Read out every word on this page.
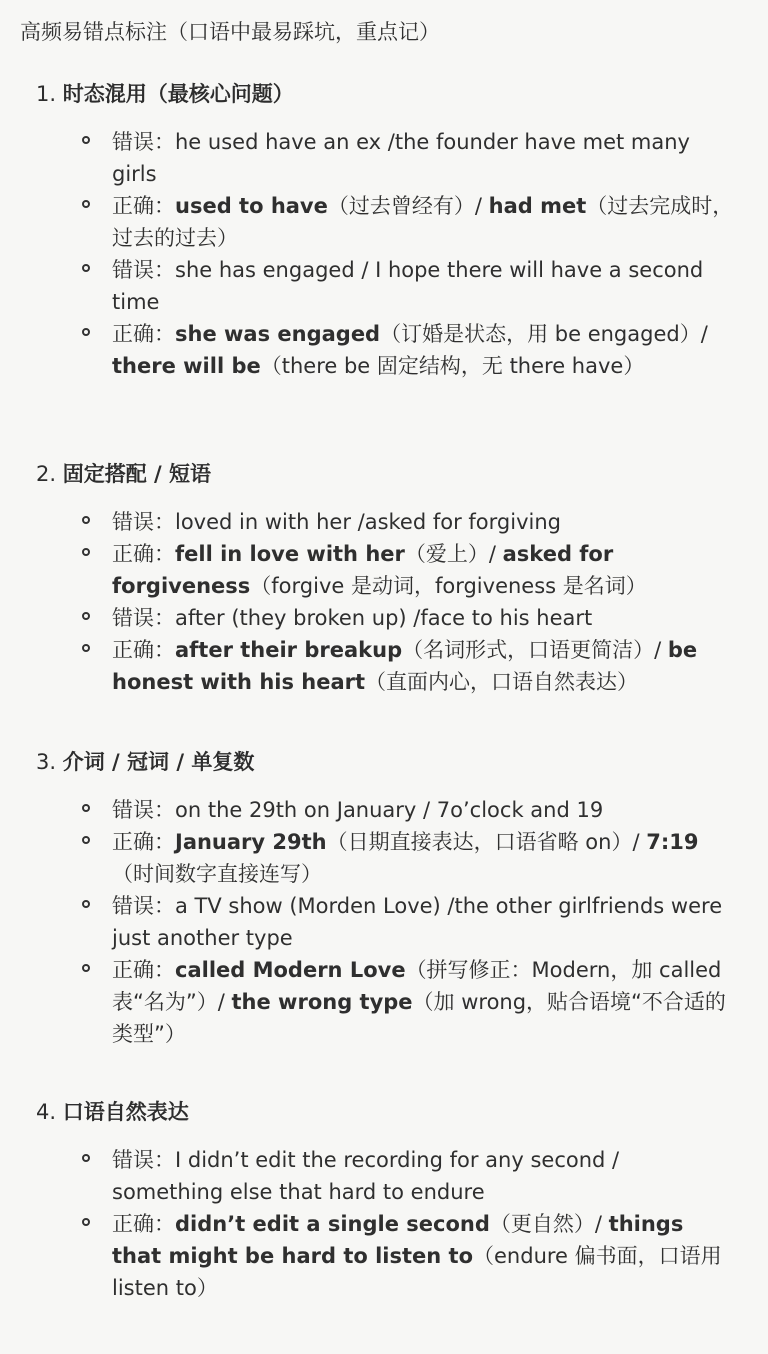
高频易错点标注（口语中最易踩坑，重点记）
1. 时态混用（最核心问题）
错误：he used have an ex /the founder have met many girls
正确：used to have（过去曾经有）/ had met（过去完成时，过去的过去）
错误：she has engaged / I hope there will have a second time
正确：she was engaged（订婚是状态，用 be engaged）/ there will be（there be 固定结构，无 there have）
2. 固定搭配 / 短语
错误：loved in with her /asked for forgiving
正确：fell in love with her（爱上）/ asked for forgiveness（forgive 是动词，forgiveness 是名词）
错误：after (they broken up) /face to his heart
正确：after their breakup（名词形式，口语更简洁）/ be honest with his heart（直面内心，口语自然表达）
3. 介词 / 冠词 / 单复数
错误：on the 29th on January / 7o’clock and 19
正确：January 29th（日期直接表达，口语省略 on）/ 7:19（时间数字直接连写）
错误：a TV show (Morden Love) /the other girlfriends were just another type
正确：called Modern Love（拼写修正：Modern，加 called 表“名为”）/ the wrong type（加 wrong，贴合语境“不合适的类型”）
4. 口语自然表达
错误：I didn’t edit the recording for any second / something else that hard to endure
正确：didn’t edit a single second（更自然）/ things that might be hard to listen to（endure 偏书面，口语用 listen to）
